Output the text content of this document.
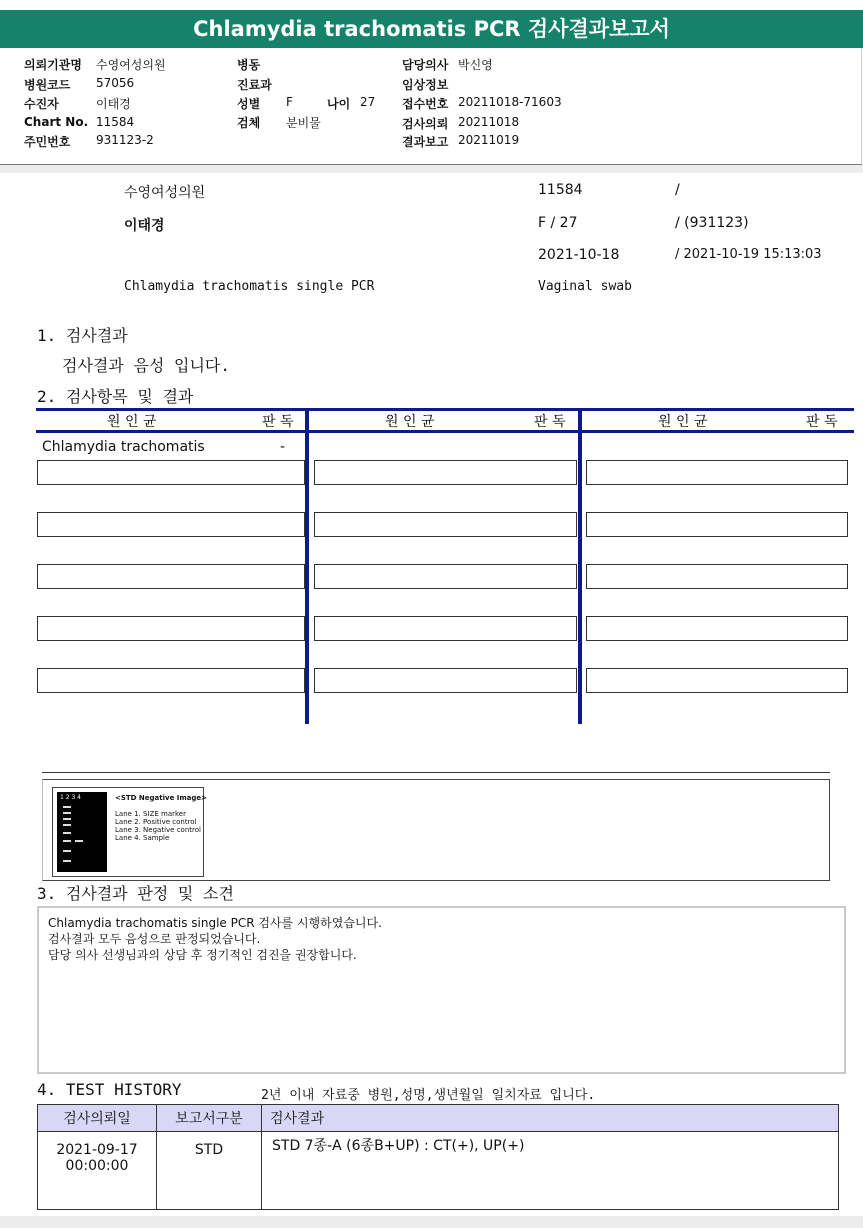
Chlamydia trachomatis PCR 검사결과보고서
의뢰기관명 수영여성의원
병원코드 57056
수진자	이태경
Chart No. 11584
주민번호 931123-2
병동
진료과
성별 F	나이 27
검체 분비물
담당의사 박신영
임상정보
접수번호 20211018-71603
검사의뢰 20211018
결과보고 20211019
수영여성의원	11584	/
이태경	F / 27	/ (931123)
2021-10-18	/ 2021-10-19 15:13:03
Chlamydia trachomatis single PCR	Vaginal swab
1. 검사결과
검사결과 음성 입니다.
2. 검사항목 및 결과
원 인 균	판 독	원 인 균	판 독	원 인 균	판 독
Chlamydia trachomatis	-
1 2 3 4	<STD Negative Image>
Lane 1. SIZE marker
Lane 2. Positive control
Lane 3. Negative control
Lane 4. Sample
3. 검사결과 판정 및 소견
Chlamydia trachomatis single PCR 검사를 시행하였습니다.
검사결과 모두 음성으로 판정되었습니다.
담당 의사 선생님과의 상담 후 정기적인 검진을 권장합니다.
4. TEST HISTORY	2년 이내 자료중 병원,성명,생년월일 일치자료 입니다.
검사의뢰일	보고서구분	검사결과

2021-09-17
00:00:00	STD	STD 7종-A (6종B+UP) : CT(+), UP(+)
